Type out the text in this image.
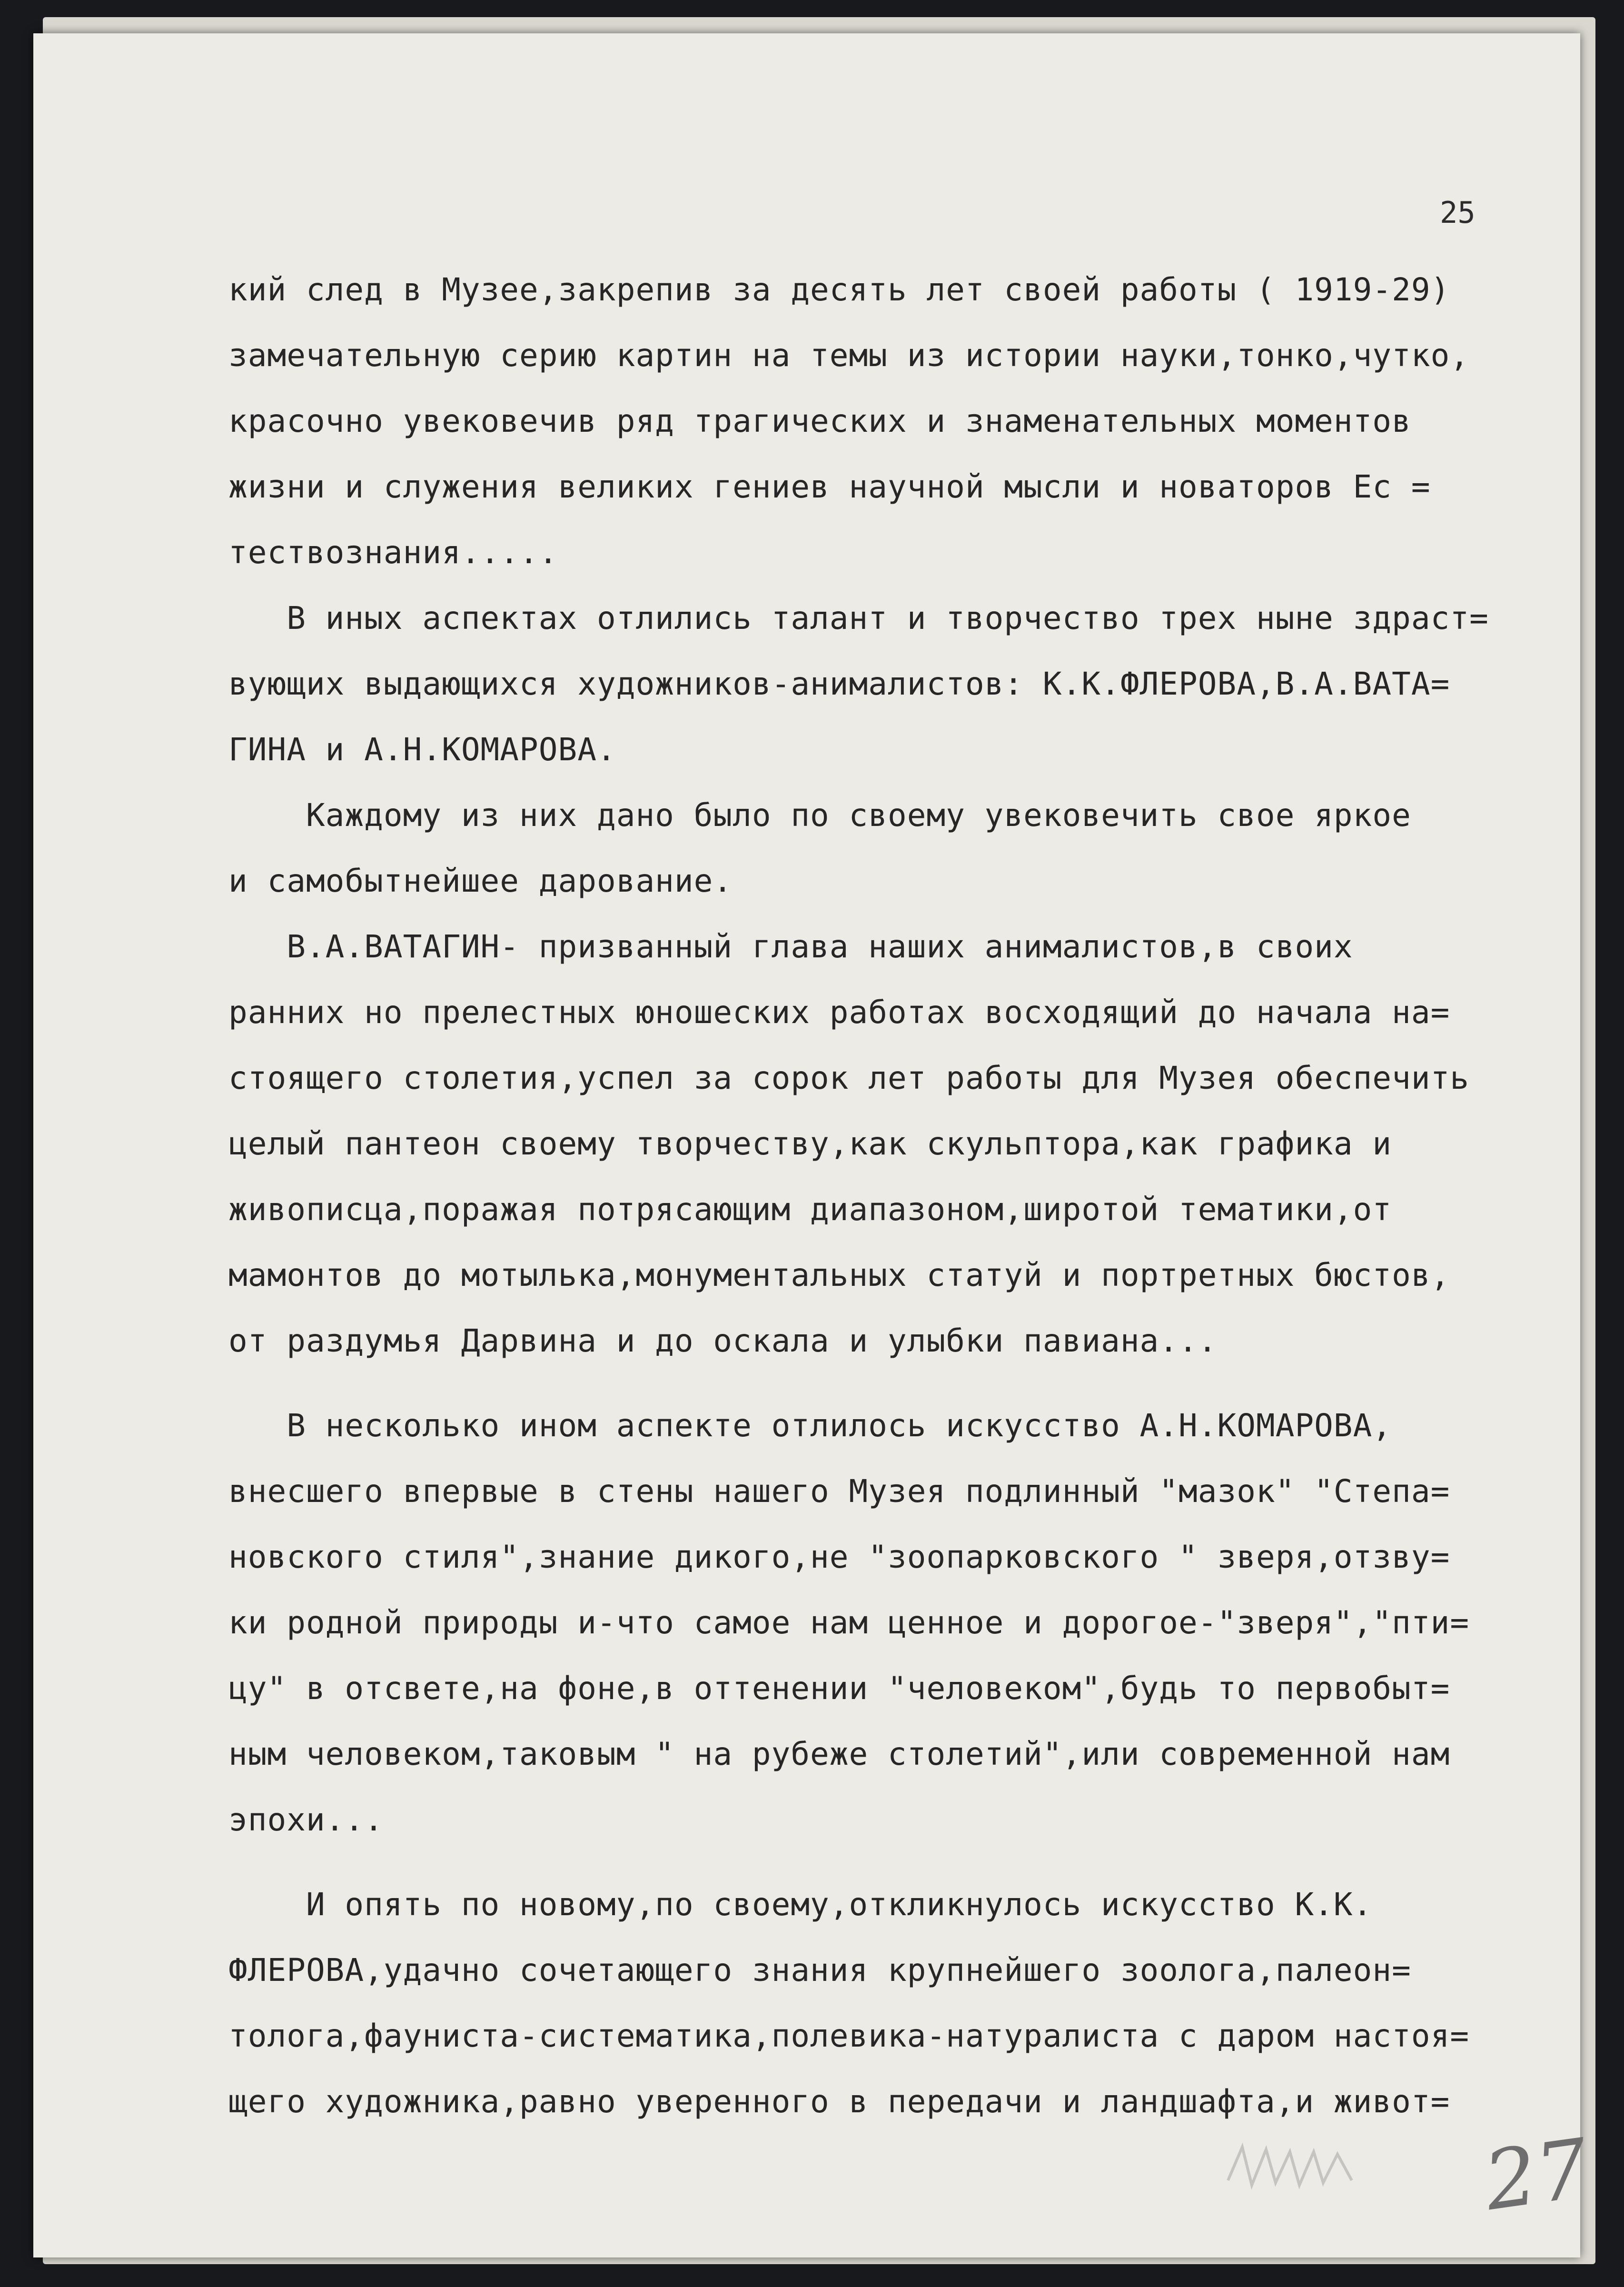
25
кий след в Музее,закрепив за десять лет своей работы ( 1919-29)
замечательную серию картин на темы из истории науки,тонко,чутко,
красочно увековечив ряд трагических и знаменательных моментов
жизни и служения великих гениев научной мысли и новаторов Ес =
тествознания.....
В иных аспектах отлились талант и творчество трех ныне здраст=
вующих выдающихся художников-анималистов: К.К.ФЛЕРОВА,В.А.ВАТА=
ГИНА и А.Н.КОМАРОВА.
Каждому из них дано было по своему увековечить свое яркое
и самобытнейшее дарование.
В.А.ВАТАГИН- призванный глава наших анималистов,в своих
ранних но прелестных юношеских работах восходящий до начала на=
стоящего столетия,успел за сорок лет работы для Музея обеспечить
целый пантеон своему творчеству,как скульптора,как графика и
живописца,поражая потрясающим диапазоном,широтой тематики,от
мамонтов до мотылька,монументальных статуй и портретных бюстов,
от раздумья Дарвина и до оскала и улыбки павиана...
В несколько ином аспекте отлилось искусство А.Н.КОМАРОВА,
внесшего впервые в стены нашего Музея подлинный "мазок" "Степа=
новского стиля",знание дикого,не "зоопарковского " зверя,отзву=
ки родной природы и-что самое нам ценное и дорогое-"зверя","пти=
цу" в отсвете,на фоне,в оттенении "человеком",будь то первобыт=
ным человеком,таковым " на рубеже столетий",или современной нам
эпохи...
И опять по новому,по своему,откликнулось искусство К.К.
ФЛЕРОВА,удачно сочетающего знания крупнейшего зоолога,палеон=
толога,фауниста-систематика,полевика-натуралиста с даром настоя=
щего художника,равно уверенного в передачи и ландшафта,и живот=
27
